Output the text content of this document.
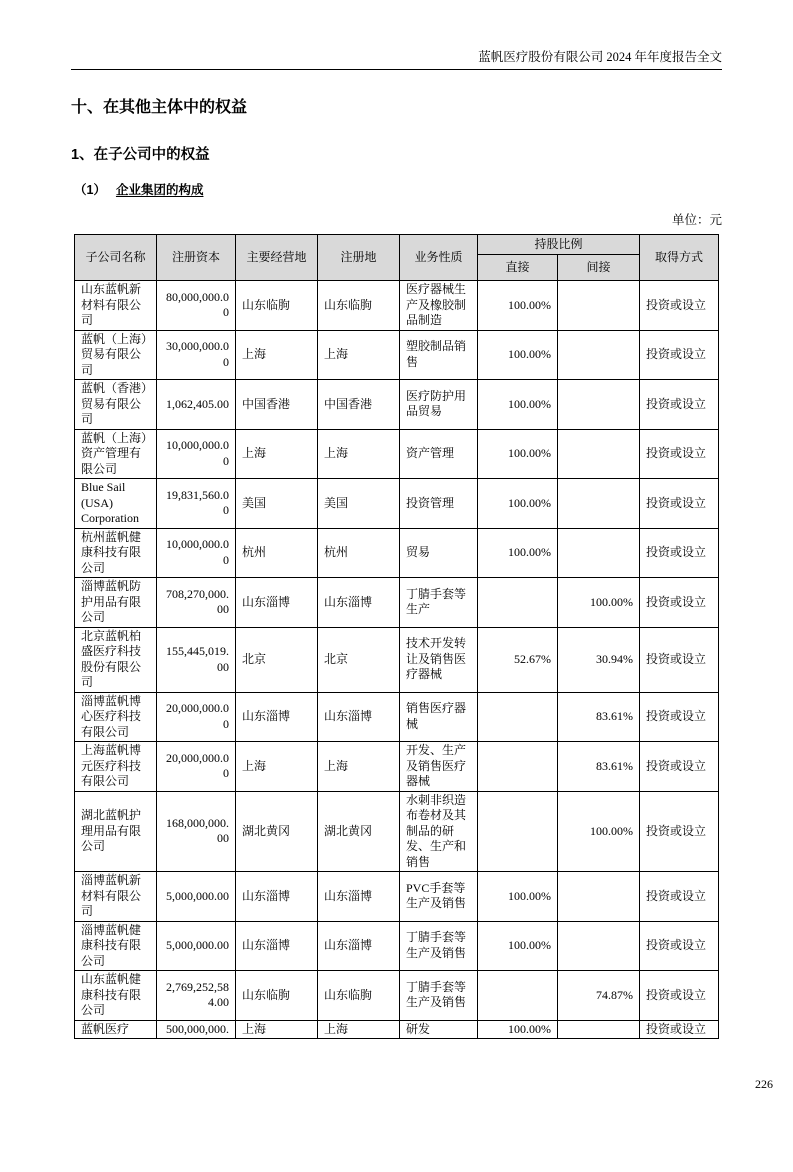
蓝帆医疗股份有限公司 2024 年年度报告全文
十、在其他主体中的权益
1、在子公司中的权益
（1） 企业集团的构成
单位：元
子公司名称	注册资本	主要经营地	注册地	业务性质	持股比例		取得方式
					直接	间接	
山东蓝帆新材料有限公司	80,000,000.00	山东临朐	山东临朐	医疗器械生产及橡胶制品制造	100.00%		投资或设立
蓝帆（上海）贸易有限公司	30,000,000.00	上海	上海	塑胶制品销售	100.00%		投资或设立
蓝帆（香港）贸易有限公司	1,062,405.00	中国香港	中国香港	医疗防护用品贸易	100.00%		投资或设立
蓝帆（上海）资产管理有限公司	10,000,000.00	上海	上海	资产管理	100.00%		投资或设立
Blue Sail (USA) Corporation	19,831,560.00	美国	美国	投资管理	100.00%		投资或设立
杭州蓝帆健康科技有限公司	10,000,000.00	杭州	杭州	贸易	100.00%		投资或设立
淄博蓝帆防护用品有限公司	708,270,000.00	山东淄博	山东淄博	丁腈手套等生产		100.00%	投资或设立
北京蓝帆柏盛医疗科技股份有限公司	155,445,019.00	北京	北京	技术开发转让及销售医疗器械	52.67%	30.94%	投资或设立
淄博蓝帆博心医疗科技有限公司	20,000,000.00	山东淄博	山东淄博	销售医疗器械		83.61%	投资或设立
上海蓝帆博元医疗科技有限公司	20,000,000.00	上海	上海	开发、生产及销售医疗器械		83.61%	投资或设立
湖北蓝帆护理用品有限公司	168,000,000.00	湖北黄冈	湖北黄冈	水刺非织造布卷材及其制品的研发、生产和销售		100.00%	投资或设立
淄博蓝帆新材料有限公司	5,000,000.00	山东淄博	山东淄博	PVC手套等生产及销售	100.00%		投资或设立
淄博蓝帆健康科技有限公司	5,000,000.00	山东淄博	山东淄博	丁腈手套等生产及销售	100.00%		投资或设立
山东蓝帆健康科技有限公司	2,769,252,584.00	山东临朐	山东临朐	丁腈手套等生产及销售		74.87%	投资或设立
蓝帆医疗	500,000,000.	上海	上海	研发	100.00%		投资或设立
226
